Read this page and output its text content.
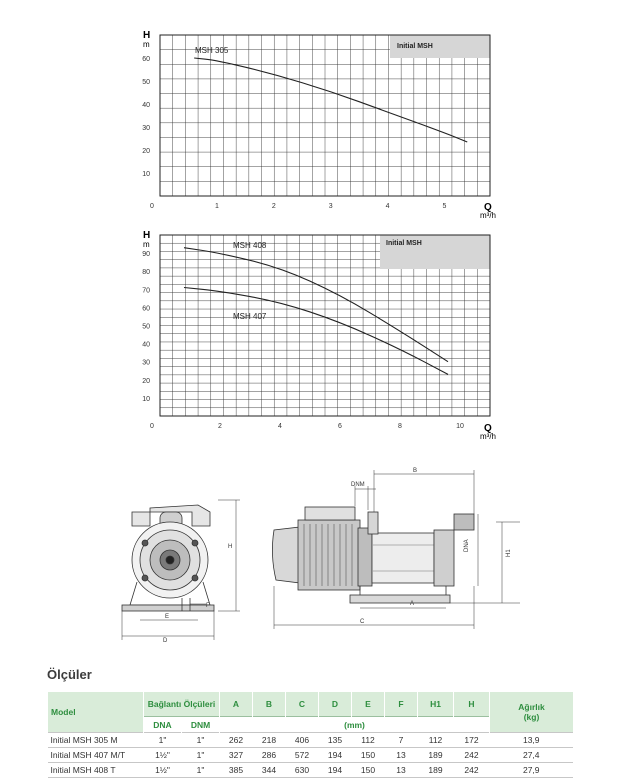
Initial MSH
10
20
30
40
50
60
0	1	2	3	4	5
MSH 305
H
m
Q
m³/h
Initial MSH
10
20
30
40
50
60
70
80
90
0	2	4	6	8	10
MSH 408
MSH 407
H
m
Q
m³/h
H
E
D
F
B
DNM
DNA
H1
A
C
Ölçüler
Model	Bağlantı Ölçüleri		A	B	C	D	E	F	H1	H	Ağırlık
(kg)
	DNA	DNM	(mm)								
Initial MSH 305 M	1"	1"	262	218	406	135	112	7	112	172	13,9
Initial MSH 407 M/T	1½"	1"	327	286	572	194	150	13	189	242	27,4
Initial MSH 408 T	1½"	1"	385	344	630	194	150	13	189	242	27,9
